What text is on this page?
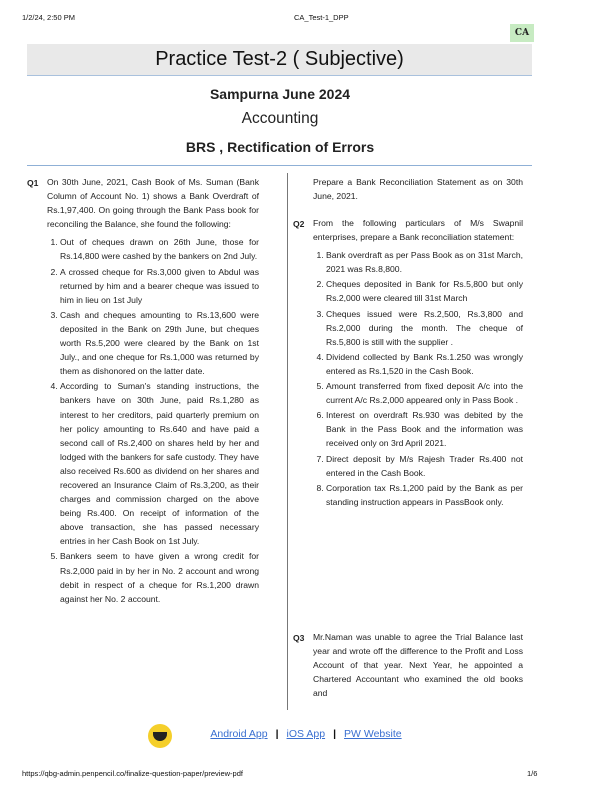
1/2/24, 2:50 PM	CA_Test-1_DPP
CA
Practice Test-2 ( Subjective)
Sampurna June 2024
Accounting
BRS , Rectification of Errors
Q1 On 30th June, 2021, Cash Book of Ms. Suman (Bank Column of Account No. 1) shows a Bank Overdraft of Rs.1,97,400. On going through the Bank Pass book for reconciling the Balance, she found the following:
1. Out of cheques drawn on 26th June, those for Rs.14,800 were cashed by the bankers on 2nd July.
2. A crossed cheque for Rs.3,000 given to Abdul was returned by him and a bearer cheque was issued to him in lieu on 1st July
3. Cash and cheques amounting to Rs.13,600 were deposited in the Bank on 29th June, but cheques worth Rs.5,200 were cleared by the Bank on 1st July., and one cheque for Rs.1,000 was returned by them as dishonored on the latter date.
4. According to Suman's standing instructions, the bankers have on 30th June, paid Rs.1,280 as interest to her creditors, paid quarterly premium on her policy amounting to Rs.640 and have paid a second call of Rs.2,400 on shares held by her and lodged with the bankers for safe custody. They have also received Rs.600 as dividend on her shares and recovered an Insurance Claim of Rs.3,200, as their charges and commission charged on the above being Rs.400. On receipt of information of the above transaction, she has passed necessary entries in her Cash Book on 1st July.
5. Bankers seem to have given a wrong credit for Rs.2,000 paid in by her in No. 2 account and wrong debit in respect of a cheque for Rs.1,200 drawn against her No. 2 account.
Prepare a Bank Reconciliation Statement as on 30th June, 2021.
Q2 From the following particulars of M/s Swapnil enterprises, prepare a Bank reconciliation statement:
1. Bank overdraft as per Pass Book as on 31st March, 2021 was Rs.8,800.
2. Cheques deposited in Bank for Rs.5,800 but only Rs.2,000 were cleared till 31st March
3. Cheques issued were Rs.2,500, Rs.3,800 and Rs.2,000 during the month. The cheque of Rs.5,800 is still with the supplier .
4. Dividend collected by Bank Rs.1.250 was wrongly entered as Rs.1,520 in the Cash Book.
5. Amount transferred from fixed deposit A/c into the current A/c Rs.2,000 appeared only in Pass Book .
6. Interest on overdraft Rs.930 was debited by the Bank in the Pass Book and the information was received only on 3rd April 2021.
7. Direct deposit by M/s Rajesh Trader Rs.400 not entered in the Cash Book.
8. Corporation tax Rs.1,200 paid by the Bank as per standing instruction appears in PassBook only.
Q3 Mr.Naman was unable to agree the Trial Balance last year and wrote off the difference to the Profit and Loss Account of that year. Next Year, he appointed a Chartered Accountant who examined the old books and
Android App | iOS App | PW Website
https://qbg-admin.penpencil.co/finalize-question-paper/preview-pdf	1/6
